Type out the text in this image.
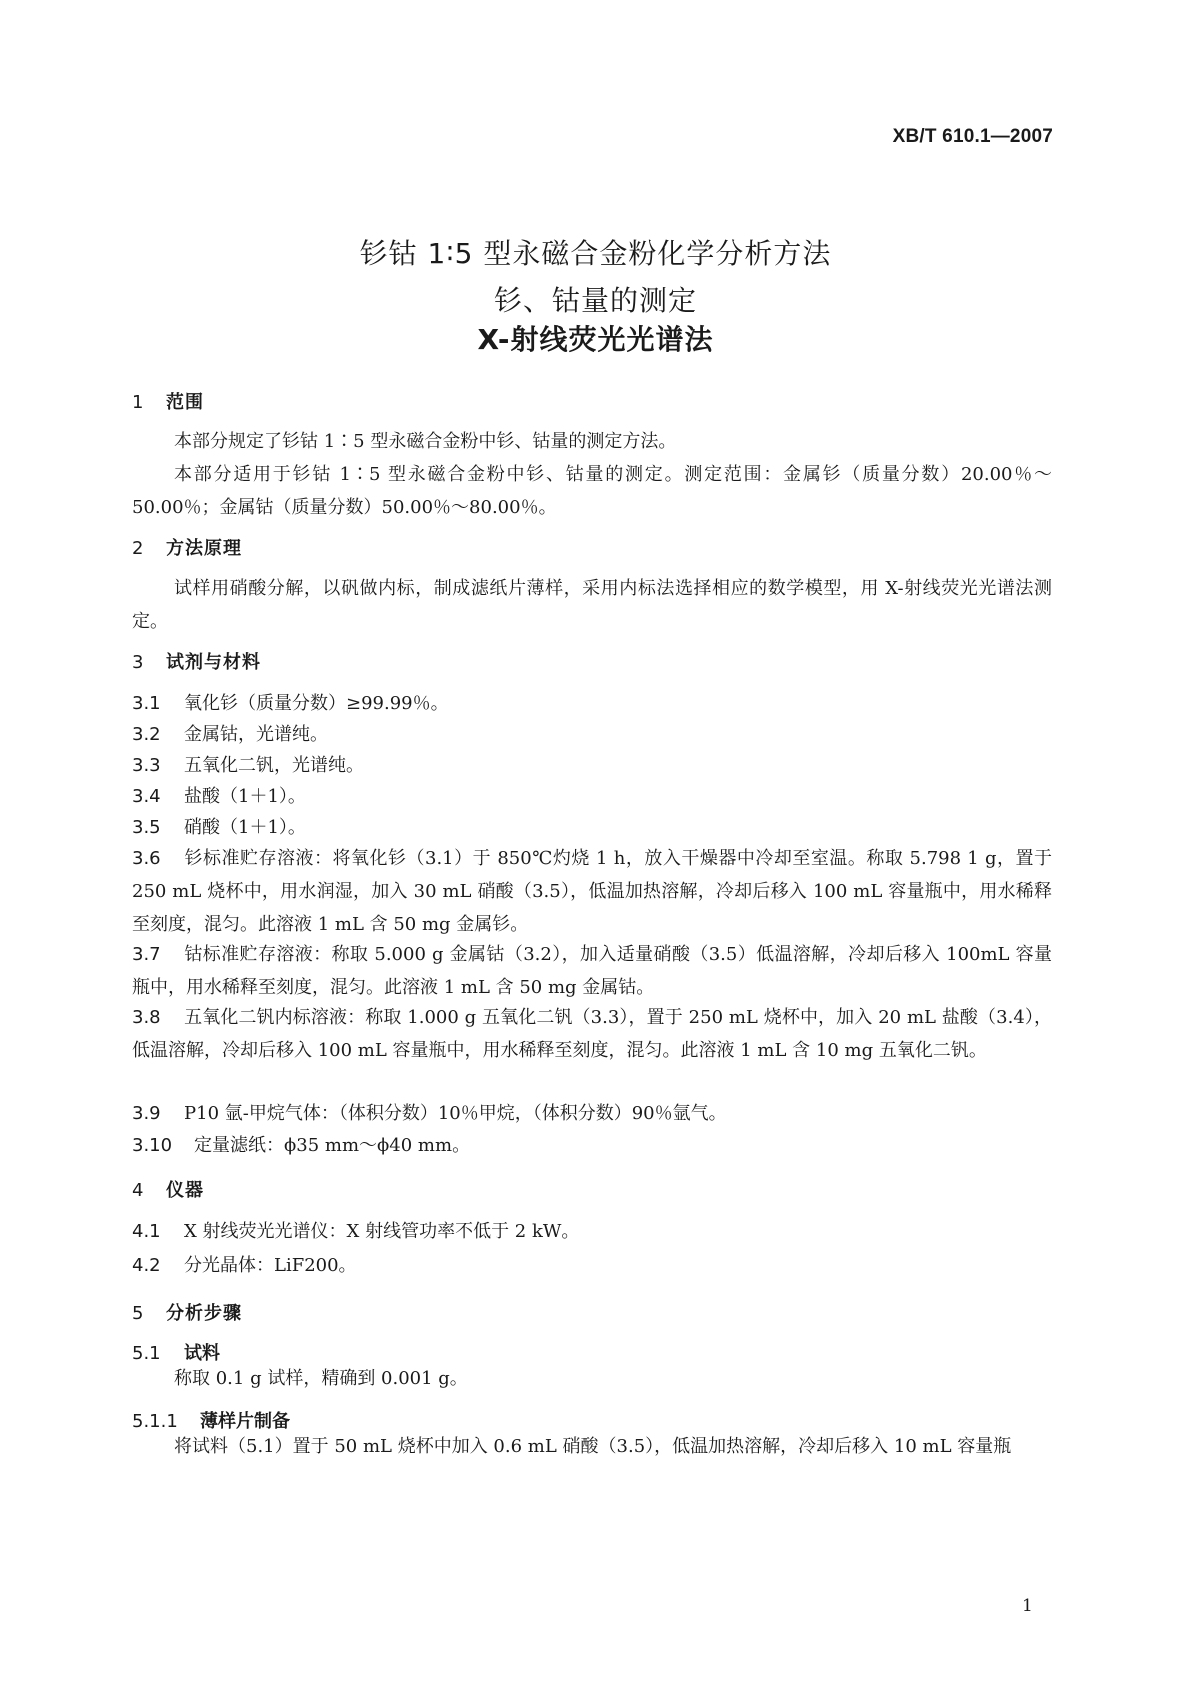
XB/T 610.1—2007
钐钴 1∶5 型永磁合金粉化学分析方法
钐、钴量的测定
X-射线荧光光谱法
1 范围
本部分规定了钐钴 1∶5 型永磁合金粉中钐、钴量的测定方法。
本部分适用于钐钴 1∶5 型永磁合金粉中钐、钴量的测定。测定范围：金属钐（质量分数）20.00％～50.00％；金属钴（质量分数）50.00％～80.00％。
2 方法原理
试样用硝酸分解，以矾做内标，制成滤纸片薄样，采用内标法选择相应的数学模型，用 X-射线荧光光谱法测定。
3 试剂与材料
3.1 氧化钐（质量分数）≥99.99％。
3.2 金属钴，光谱纯。
3.3 五氧化二钒，光谱纯。
3.4 盐酸（1＋1）。
3.5 硝酸（1＋1）。
3.6 钐标准贮存溶液：将氧化钐（3.1）于 850℃灼烧 1 h，放入干燥器中冷却至室温。称取 5.798 1 g，置于 250 mL 烧杯中，用水润湿，加入 30 mL 硝酸（3.5），低温加热溶解，冷却后移入 100 mL 容量瓶中，用水稀释至刻度，混匀。此溶液 1 mL 含 50 mg 金属钐。
3.7 钴标准贮存溶液：称取 5.000 g 金属钴（3.2），加入适量硝酸（3.5）低温溶解，冷却后移入 100mL 容量瓶中，用水稀释至刻度，混匀。此溶液 1 mL 含 50 mg 金属钴。
3.8 五氧化二钒内标溶液：称取 1.000 g 五氧化二钒（3.3），置于 250 mL 烧杯中，加入 20 mL 盐酸（3.4），低温溶解，冷却后移入 100 mL 容量瓶中，用水稀释至刻度，混匀。此溶液 1 mL 含 10 mg 五氧化二钒。
3.9 P10 氩-甲烷气体：（体积分数）10％甲烷，（体积分数）90％氩气。
3.10 定量滤纸：ϕ35 mm～ϕ40 mm。
4 仪器
4.1 X 射线荧光光谱仪：X 射线管功率不低于 2 kW。
4.2 分光晶体：LiF200。
5 分析步骤
5.1 试料
称取 0.1 g 试样，精确到 0.001 g。
5.1.1 薄样片制备
将试料（5.1）置于 50 mL 烧杯中加入 0.6 mL 硝酸（3.5），低温加热溶解，冷却后移入 10 mL 容量瓶
1
